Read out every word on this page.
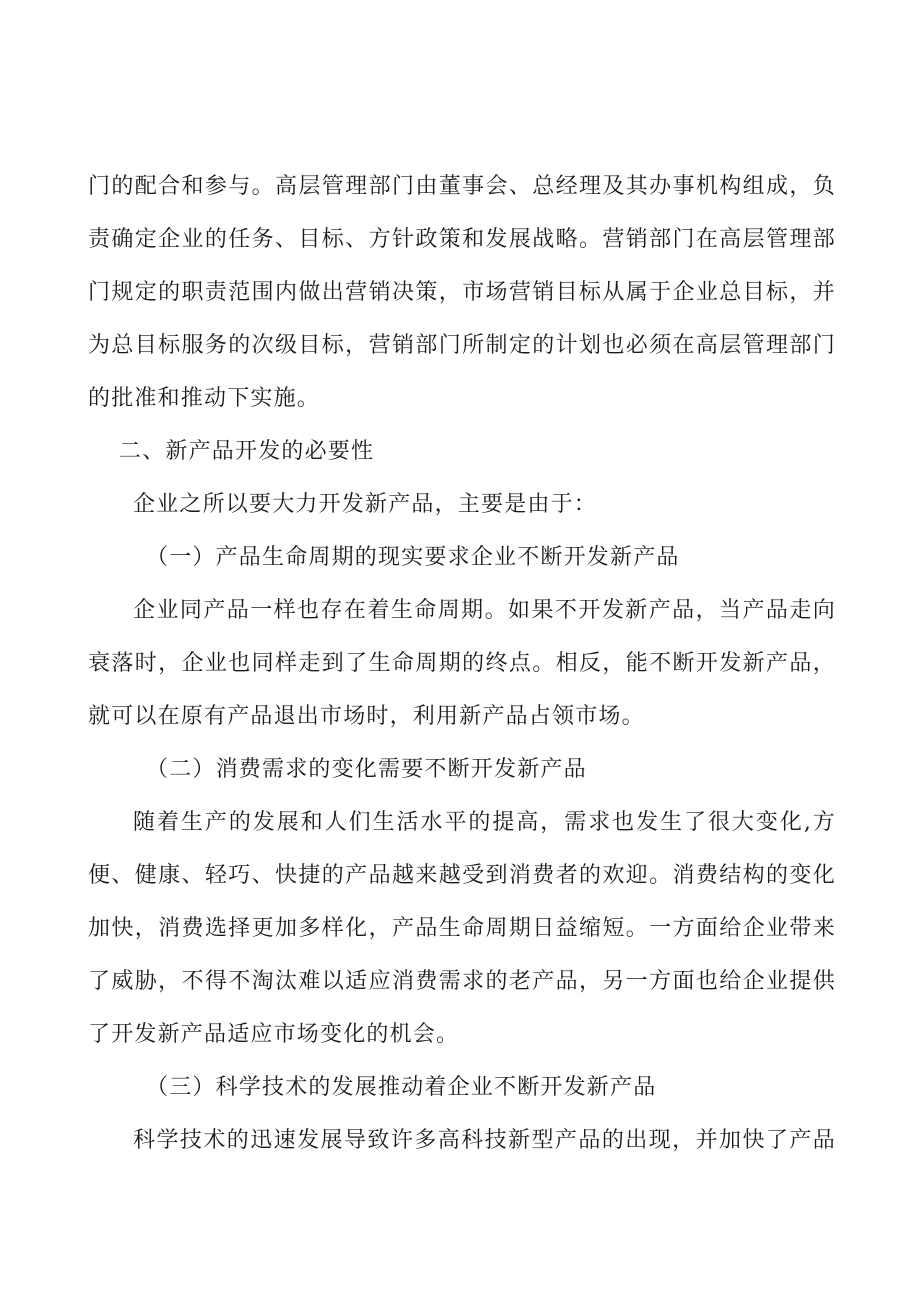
门的配合和参与。高层管理部门由董事会、总经理及其办事机构组成，负
责确定企业的任务、目标、方针政策和发展战略。营销部门在高层管理部
门规定的职责范围内做出营销决策，市场营销目标从属于企业总目标，并
为总目标服务的次级目标，营销部门所制定的计划也必须在高层管理部门
的批准和推动下实施。
二、新产品开发的必要性
企业之所以要大力开发新产品，主要是由于：
（一）产品生命周期的现实要求企业不断开发新产品
企业同产品一样也存在着生命周期。如果不开发新产品，当产品走向
衰落时，企业也同样走到了生命周期的终点。相反，能不断开发新产品，
就可以在原有产品退出市场时，利用新产品占领市场。
（二）消费需求的变化需要不断开发新产品
随着生产的发展和人们生活水平的提高，需求也发生了很大变化,方
便、健康、轻巧、快捷的产品越来越受到消费者的欢迎。消费结构的变化
加快，消费选择更加多样化，产品生命周期日益缩短。一方面给企业带来
了威胁，不得不淘汰难以适应消费需求的老产品，另一方面也给企业提供
了开发新产品适应市场变化的机会。
（三）科学技术的发展推动着企业不断开发新产品
科学技术的迅速发展导致许多高科技新型产品的出现，并加快了产品
